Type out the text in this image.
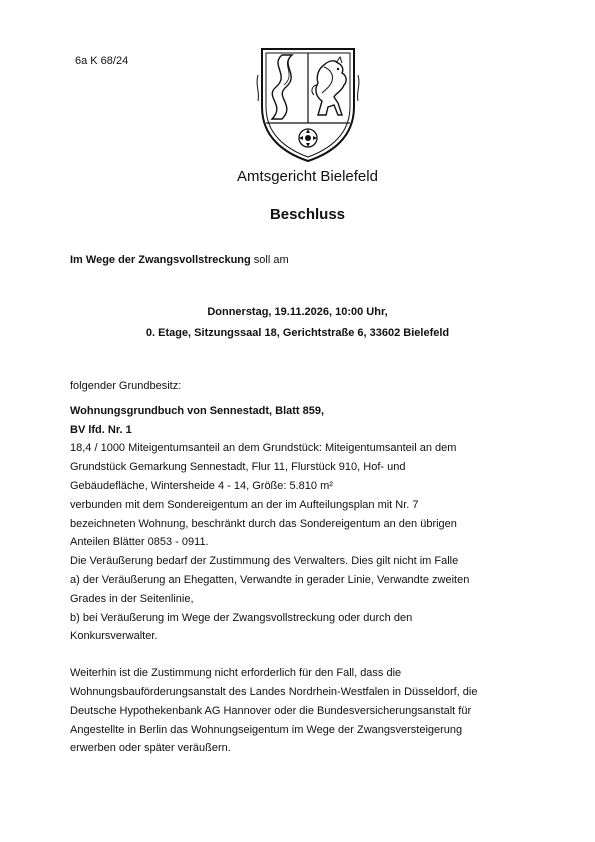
6a K 68/24
Amtsgericht Bielefeld
Beschluss
Im Wege der Zwangsvollstreckung soll am
Donnerstag, 19.11.2026, 10:00 Uhr,
0. Etage, Sitzungssaal 18, Gerichtstraße 6, 33602 Bielefeld

folgender Grundbesitz:

Wohnungsgrundbuch von Sennestadt, Blatt 859,

BV lfd. Nr. 1

18,4 / 1000 Miteigentumsanteil an dem Grundstück: Miteigentumsanteil an dem

Grundstück Gemarkung Sennestadt, Flur 11, Flurstück 910, Hof- und

Gebäudefläche, Wintersheide 4 - 14, Größe: 5.810 m²

verbunden mit dem Sondereigentum an der im Aufteilungsplan mit Nr. 7

bezeichneten Wohnung, beschränkt durch das Sondereigentum an den übrigen

Anteilen Blätter 0853 - 0911.

Die Veräußerung bedarf der Zustimmung des Verwalters. Dies gilt nicht im Falle

a) der Veräußerung an Ehegatten, Verwandte in gerader Linie, Verwandte zweiten

Grades in der Seitenlinie,

b) bei Veräußerung im Wege der Zwangsvollstreckung oder durch den

Konkursverwalter.

Weiterhin ist die Zustimmung nicht erforderlich für den Fall, dass die

Wohnungsbauförderungsanstalt des Landes Nordrhein-Westfalen in Düsseldorf, die

Deutsche Hypothekenbank AG Hannover oder die Bundesversicherungsanstalt für

Angestellte in Berlin das Wohnungseigentum im Wege der Zwangsversteigerung

erwerben oder später veräußern.
